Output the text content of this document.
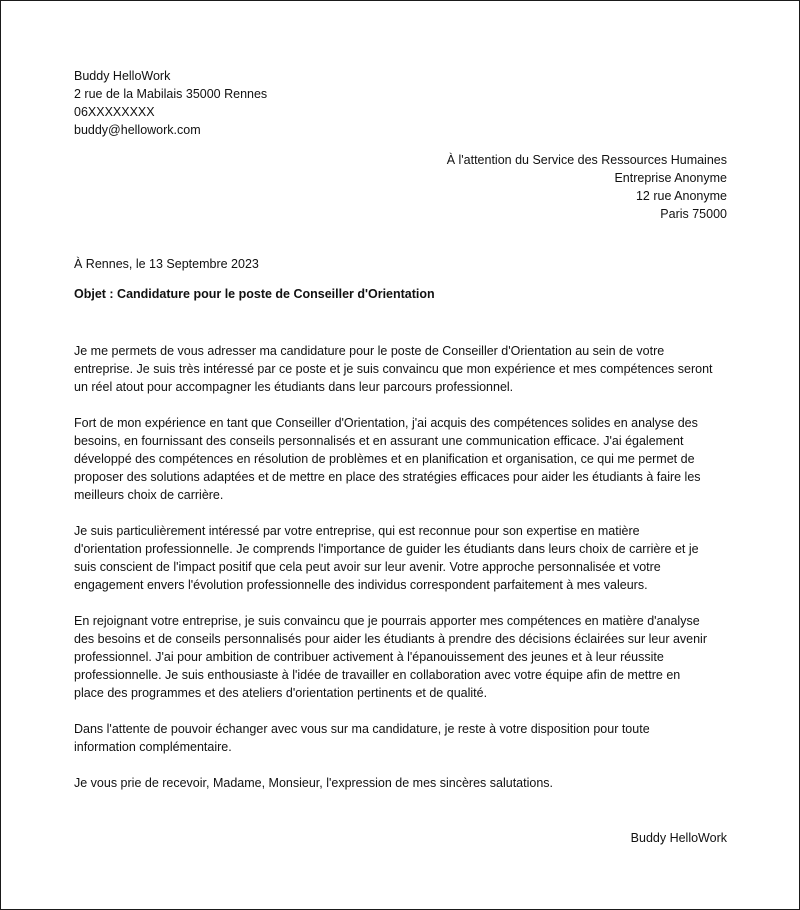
Buddy HelloWork
2 rue de la Mabilais 35000 Rennes
06XXXXXXXX
buddy@hellowork.com
À l'attention du Service des Ressources Humaines
Entreprise Anonyme
12 rue Anonyme
Paris 75000
À Rennes, le 13 Septembre 2023
Objet : Candidature pour le poste de Conseiller d'Orientation

Je me permets de vous adresser ma candidature pour le poste de Conseiller d'Orientation au sein de votre
entreprise. Je suis très intéressé par ce poste et je suis convaincu que mon expérience et mes compétences seront
un réel atout pour accompagner les étudiants dans leur parcours professionnel.

Fort de mon expérience en tant que Conseiller d'Orientation, j'ai acquis des compétences solides en analyse des
besoins, en fournissant des conseils personnalisés et en assurant une communication efficace. J'ai également
développé des compétences en résolution de problèmes et en planification et organisation, ce qui me permet de
proposer des solutions adaptées et de mettre en place des stratégies efficaces pour aider les étudiants à faire les
meilleurs choix de carrière.

Je suis particulièrement intéressé par votre entreprise, qui est reconnue pour son expertise en matière
d'orientation professionnelle. Je comprends l'importance de guider les étudiants dans leurs choix de carrière et je
suis conscient de l'impact positif que cela peut avoir sur leur avenir. Votre approche personnalisée et votre
engagement envers l'évolution professionnelle des individus correspondent parfaitement à mes valeurs.

En rejoignant votre entreprise, je suis convaincu que je pourrais apporter mes compétences en matière d'analyse
des besoins et de conseils personnalisés pour aider les étudiants à prendre des décisions éclairées sur leur avenir
professionnel. J'ai pour ambition de contribuer activement à l'épanouissement des jeunes et à leur réussite
professionnelle. Je suis enthousiaste à l'idée de travailler en collaboration avec votre équipe afin de mettre en
place des programmes et des ateliers d'orientation pertinents et de qualité.

Dans l'attente de pouvoir échanger avec vous sur ma candidature, je reste à votre disposition pour toute
information complémentaire.

Je vous prie de recevoir, Madame, Monsieur, l'expression de mes sincères salutations.

Buddy HelloWork
